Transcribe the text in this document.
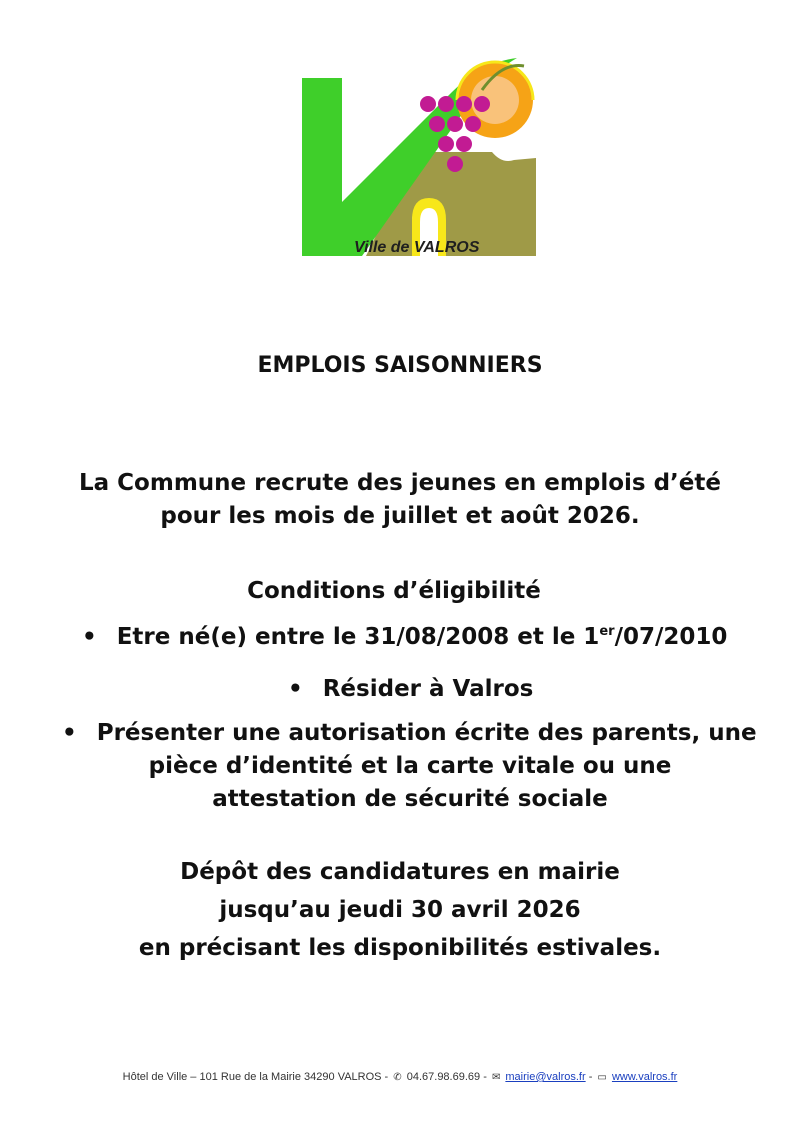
Ville de VALROS
EMPLOIS SAISONNIERS

La Commune recrute des jeunes en emplois d’été

pour les mois de juillet et août 2026.

Conditions d’éligibilité

• Etre né(e) entre le 31/08/2008 et le 1er/07/2010
• Résider à Valros
• Présenter une autorisation écrite des parents, une

pièce d’identité et la carte vitale ou une

attestation de sécurité sociale

Dépôt des candidatures en mairie

jusqu’au jeudi 30 avril 2026

en précisant les disponibilités estivales.

Hôtel de Ville – 101 Rue de la Mairie 34290 VALROS - ✆ 04.67.98.69.69 - ✉ mairie@valros.fr - ▭ www.valros.fr
